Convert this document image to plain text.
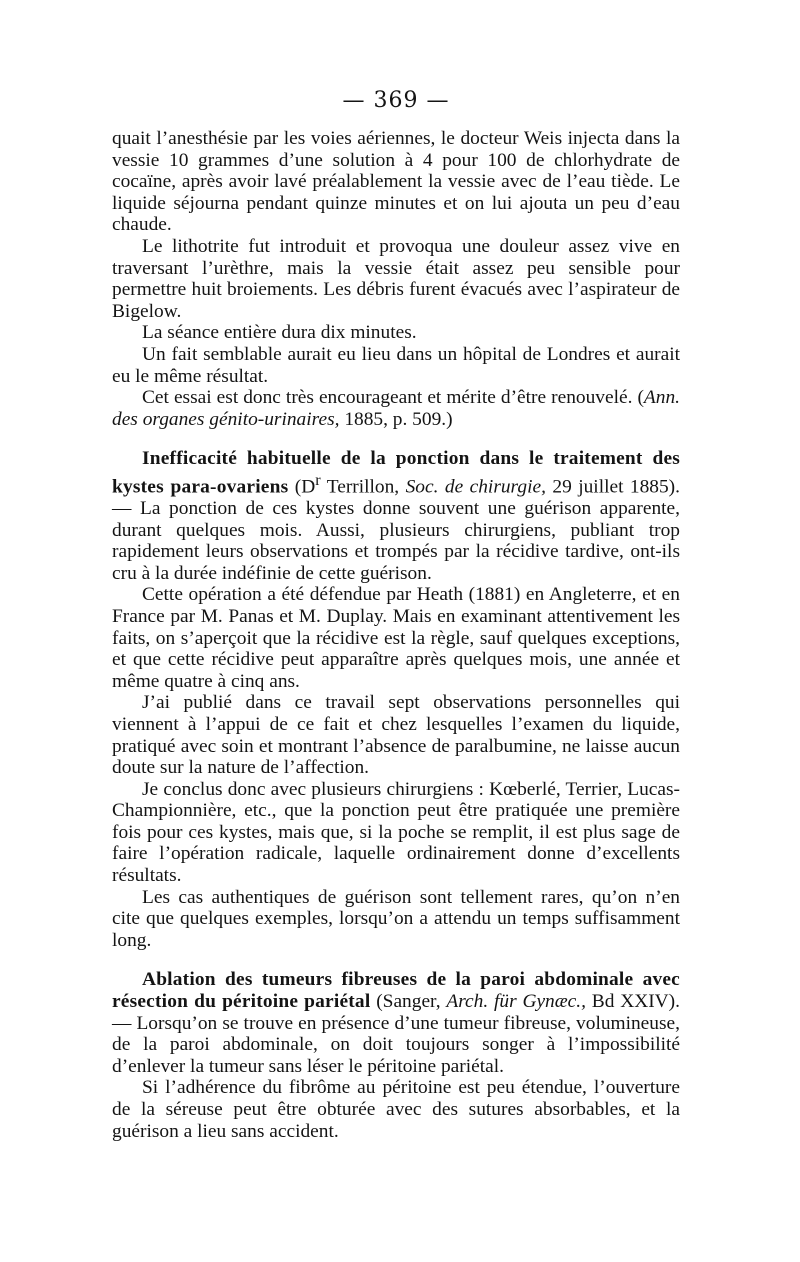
— 369 —

quait l’anesthésie par les voies aériennes, le docteur Weis injecta dans la vessie 10 grammes d’une solution à 4 pour 100 de chlorhydrate de cocaïne, après avoir lavé préalablement la vessie avec de l’eau tiède. Le liquide séjourna pendant quinze minutes et on lui ajouta un peu d’eau chaude.

Le lithotrite fut introduit et provoqua une douleur assez vive en traversant l’urèthre, mais la vessie était assez peu sensible pour permettre huit broiements. Les débris furent évacués avec l’aspirateur de Bigelow.

La séance entière dura dix minutes.

Un fait semblable aurait eu lieu dans un hôpital de Londres et aurait eu le même résultat.

Cet essai est donc très encourageant et mérite d’être renouvelé. (Ann. des organes génito-urinaires, 1885, p. 509.)

Inefficacité habituelle de la ponction dans le traitement des kystes para-ovariens ($D^r$ Terrillon, Soc. de chirurgie, 29 juillet 1885). — La ponction de ces kystes donne souvent une guérison apparente, durant quelques mois. Aussi, plusieurs chirurgiens, publiant trop rapidement leurs observations et trompés par la récidive tardive, ont-ils cru à la durée indéfinie de cette guérison.

Cette opération a été défendue par Heath (1881) en Angleterre, et en France par M. Panas et M. Duplay. Mais en examinant attentivement les faits, on s’aperçoit que la récidive est la règle, sauf quelques exceptions, et que cette récidive peut apparaître après quelques mois, une année et même quatre à cinq ans.

J’ai publié dans ce travail sept observations personnelles qui viennent à l’appui de ce fait et chez lesquelles l’examen du liquide, pratiqué avec soin et montrant l’absence de paralbumine, ne laisse aucun doute sur la nature de l’affection.

Je conclus donc avec plusieurs chirurgiens : Kœberlé, Terrier, Lucas-Championnière, etc., que la ponction peut être pratiquée une première fois pour ces kystes, mais que, si la poche se remplit, il est plus sage de faire l’opération radicale, laquelle ordinairement donne d’excellents résultats.

Les cas authentiques de guérison sont tellement rares, qu’on n’en cite que quelques exemples, lorsqu’on a attendu un temps suffisamment long.

Ablation des tumeurs fibreuses de la paroi abdominale avec résection du péritoine pariétal (Sanger, Arch. für Gynæc., Bd XXIV). — Lorsqu’on se trouve en présence d’une tumeur fibreuse, volumineuse, de la paroi abdominale, on doit toujours songer à l’impossibilité d’enlever la tumeur sans léser le péritoine pariétal.

Si l’adhérence du fibrôme au péritoine est peu étendue, l’ouverture de la séreuse peut être obturée avec des sutures absorbables, et la guérison a lieu sans accident.
